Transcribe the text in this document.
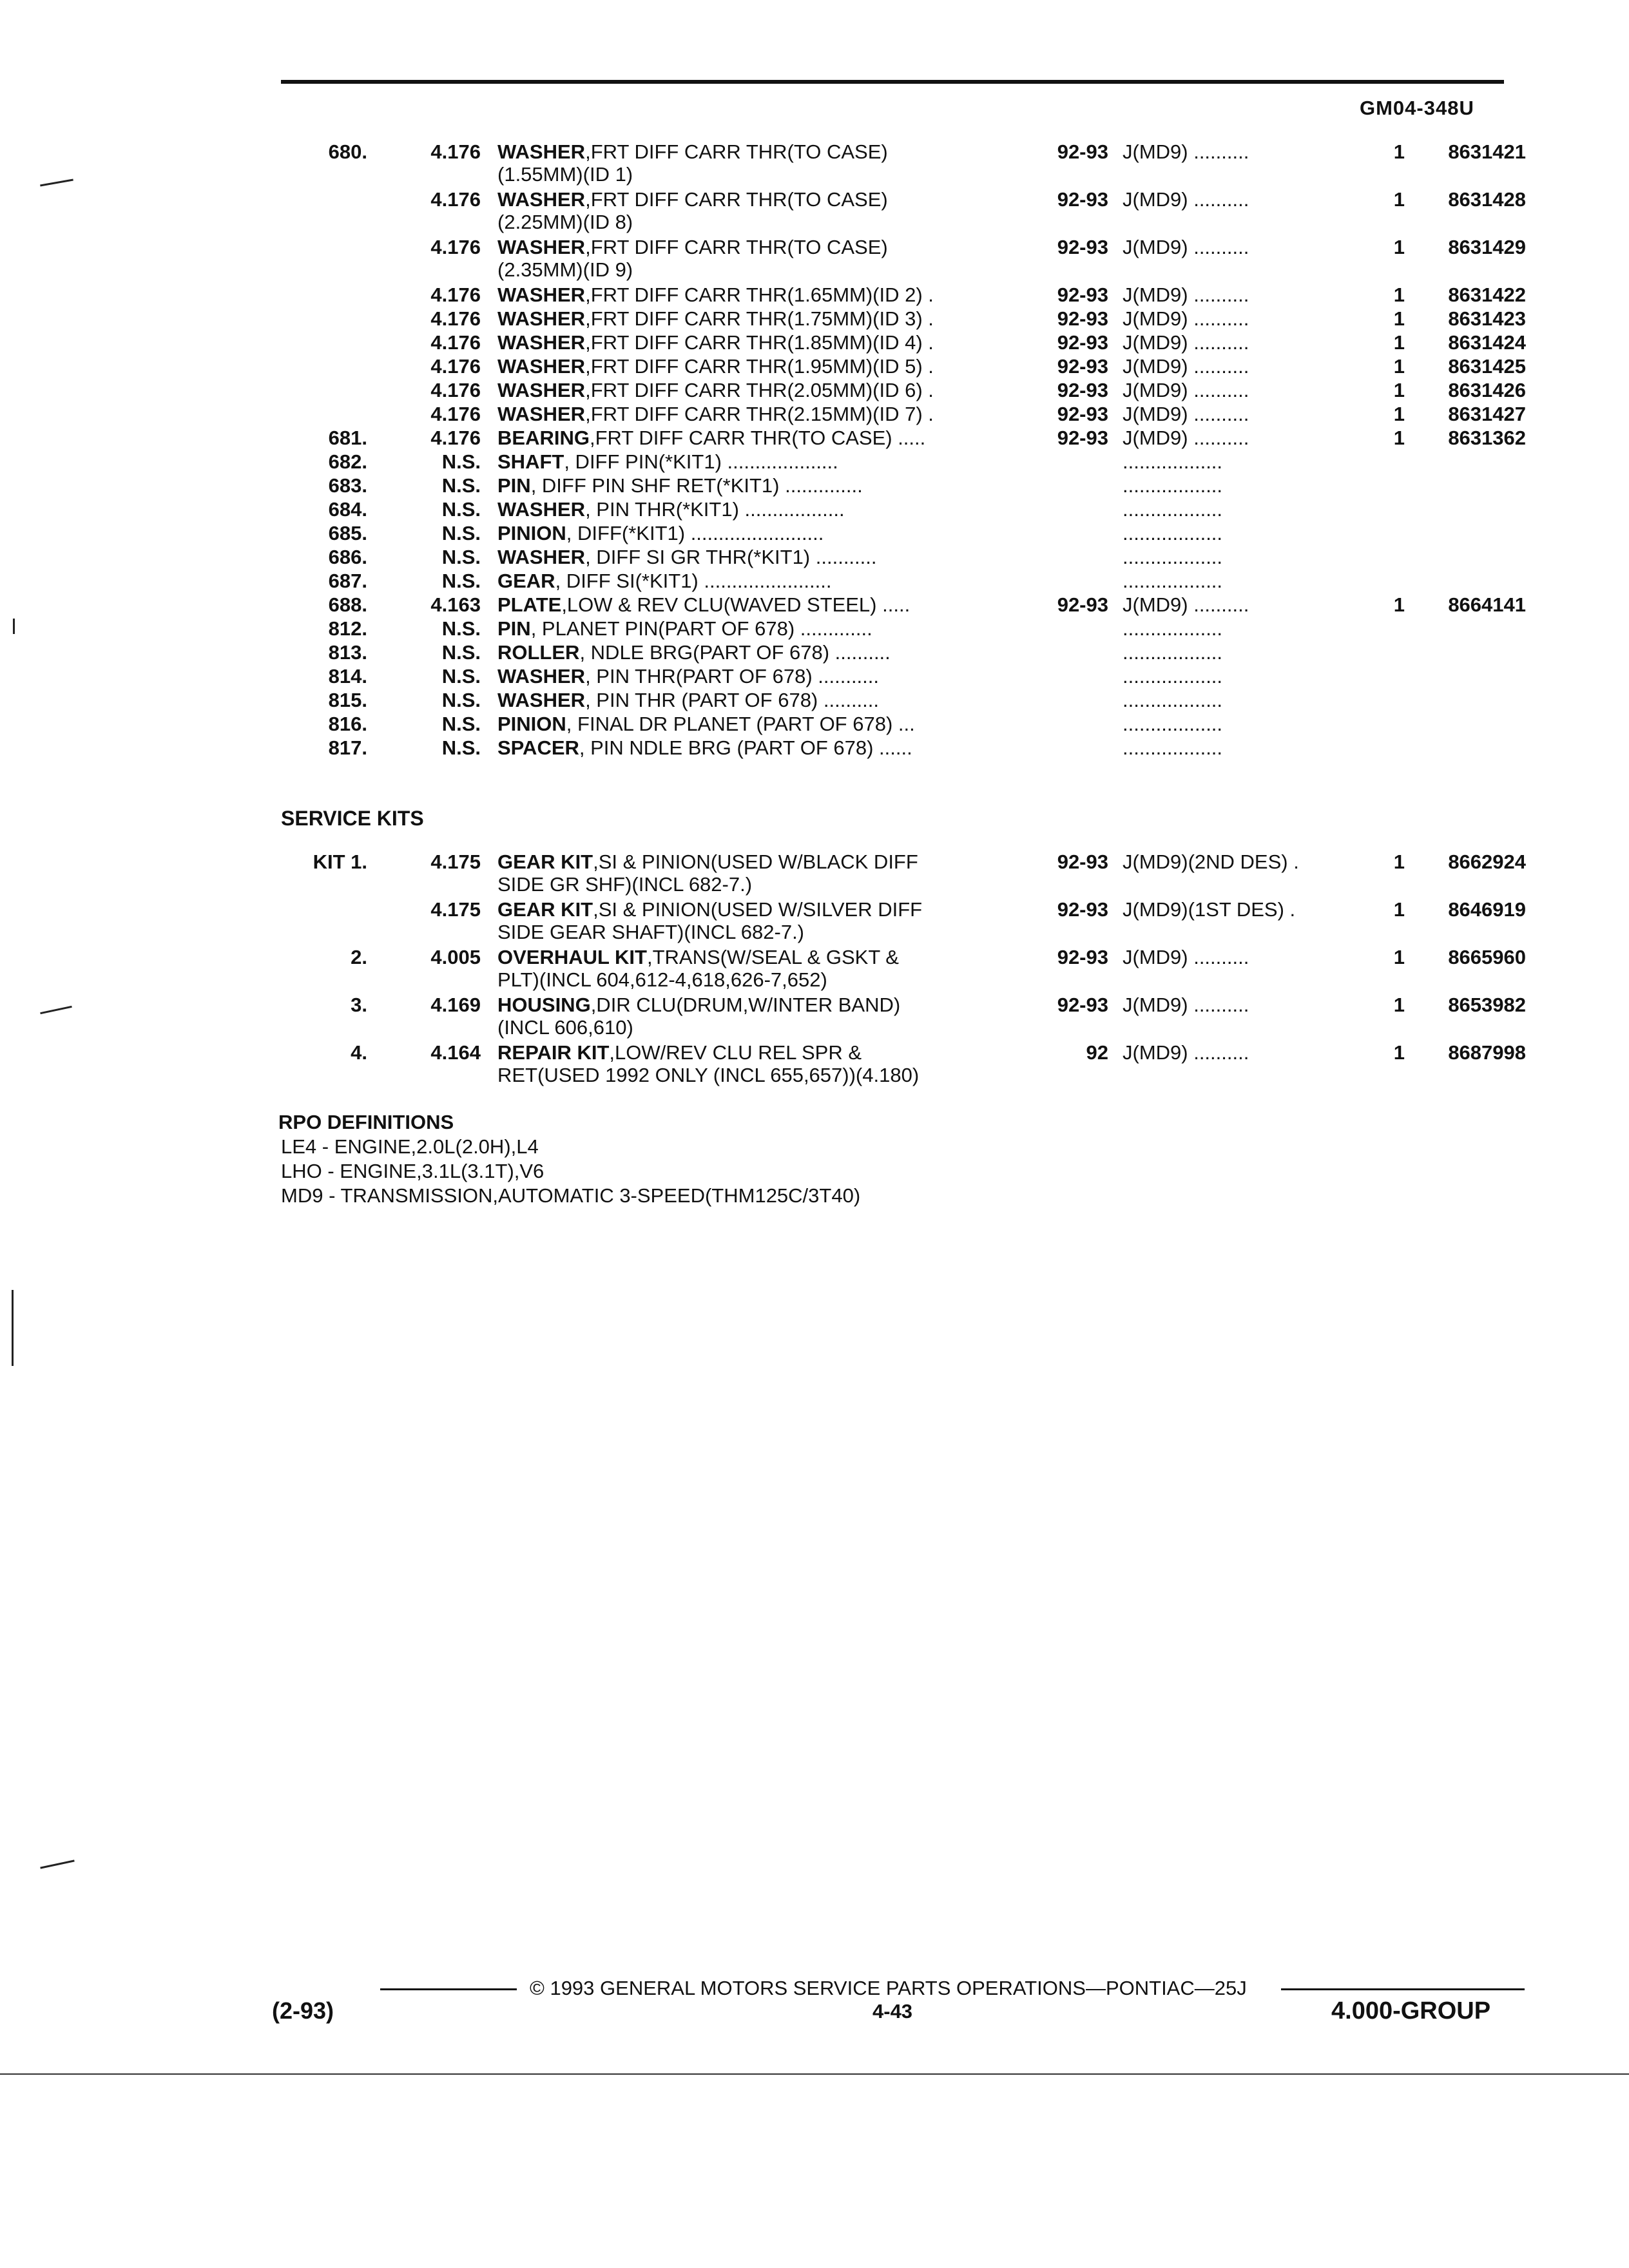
GM04-348U
680.	4.176 WASHER,FRT DIFF CARR THR(TO CASE)	92-93 J(MD9) ..........	1	8631421
(1.55MM)(ID 1)
4.176 WASHER,FRT DIFF CARR THR(TO CASE)	92-93 J(MD9) ..........	1	8631428
(2.25MM)(ID 8)
4.176 WASHER,FRT DIFF CARR THR(TO CASE)	92-93 J(MD9) ..........	1	8631429
(2.35MM)(ID 9)
4.176 WASHER,FRT DIFF CARR THR(1.65MM)(ID 2) .	92-93 J(MD9) ..........	1	8631422
4.176 WASHER,FRT DIFF CARR THR(1.75MM)(ID 3) .	92-93 J(MD9) ..........	1	8631423
4.176 WASHER,FRT DIFF CARR THR(1.85MM)(ID 4) .	92-93 J(MD9) ..........	1	8631424
4.176 WASHER,FRT DIFF CARR THR(1.95MM)(ID 5) .	92-93 J(MD9) ..........	1	8631425
4.176 WASHER,FRT DIFF CARR THR(2.05MM)(ID 6) .	92-93 J(MD9) ..........	1	8631426
4.176 WASHER,FRT DIFF CARR THR(2.15MM)(ID 7) .	92-93 J(MD9) ..........	1	8631427
681.	4.176 BEARING,FRT DIFF CARR THR(TO CASE) .....	92-93 J(MD9) ..........	1	8631362
682.	N.S. SHAFT, DIFF PIN(*KIT1) ....................	..................
683.	N.S. PIN, DIFF PIN SHF RET(*KIT1) ..............	..................
684.	N.S. WASHER, PIN THR(*KIT1) ..................	..................
685.	N.S. PINION, DIFF(*KIT1) ........................	..................
686.	N.S. WASHER, DIFF SI GR THR(*KIT1) ...........	..................
687.	N.S. GEAR, DIFF SI(*KIT1) .......................	..................
688.	4.163 PLATE,LOW & REV CLU(WAVED STEEL) .....	92-93 J(MD9) ..........	1	8664141
812.	N.S. PIN, PLANET PIN(PART OF 678) .............	..................
813.	N.S. ROLLER, NDLE BRG(PART OF 678) ..........	..................
814.	N.S. WASHER, PIN THR(PART OF 678) ...........	..................
815.	N.S. WASHER, PIN THR (PART OF 678) ..........	..................
816.	N.S. PINION, FINAL DR PLANET (PART OF 678) ...	..................
817.	N.S. SPACER, PIN NDLE BRG (PART OF 678) ......	..................
SERVICE KITS
KIT 1.	4.175 GEAR KIT,SI & PINION(USED W/BLACK DIFF	92-93 J(MD9)(2ND DES) .	1	8662924
SIDE GR SHF)(INCL 682-7.)
4.175 GEAR KIT,SI & PINION(USED W/SILVER DIFF	92-93 J(MD9)(1ST DES) .	1	8646919
SIDE GEAR SHAFT)(INCL 682-7.)
2.	4.005 OVERHAUL KIT,TRANS(W/SEAL & GSKT &	92-93 J(MD9) ..........	1	8665960
PLT)(INCL 604,612-4,618,626-7,652)
3.	4.169 HOUSING,DIR CLU(DRUM,W/INTER BAND)	92-93 J(MD9) ..........	1	8653982
(INCL 606,610)
4.	4.164 REPAIR KIT,LOW/REV CLU REL SPR &	92 J(MD9) ..........	1	8687998
RET(USED 1992 ONLY (INCL 655,657))(4.180)
RPO DEFINITIONS
LE4 - ENGINE,2.0L(2.0H),L4
LHO - ENGINE,3.1L(3.1T),V6
MD9 - TRANSMISSION,AUTOMATIC 3-SPEED(THM125C/3T40)
(2-93)
© 1993 GENERAL MOTORS SERVICE PARTS OPERATIONS—PONTIAC—25J
4-43	4.000-GROUP
